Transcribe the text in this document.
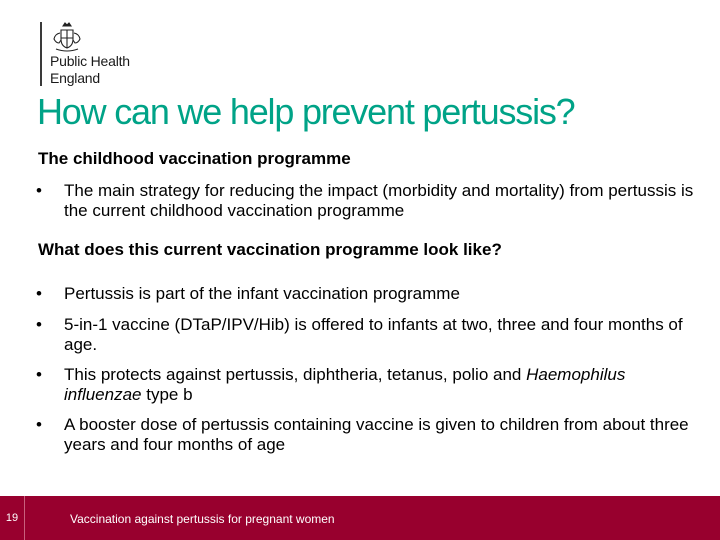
Public Health
England
How can we help prevent pertussis?
The childhood vaccination programme
•	The main strategy for reducing the impact (morbidity and mortality) from pertussis is the current childhood vaccination programme
What does this current vaccination programme look like?
•	Pertussis is part of the infant vaccination programme
•	5-in-1 vaccine (DTaP/IPV/Hib) is offered to infants at two, three and four months of age.
•	This protects against pertussis, diphtheria, tetanus, polio and Haemophilus influenzae type b
•	A booster dose of pertussis containing vaccine is given to children from about three years and four months of age
19	Vaccination against pertussis for pregnant women
